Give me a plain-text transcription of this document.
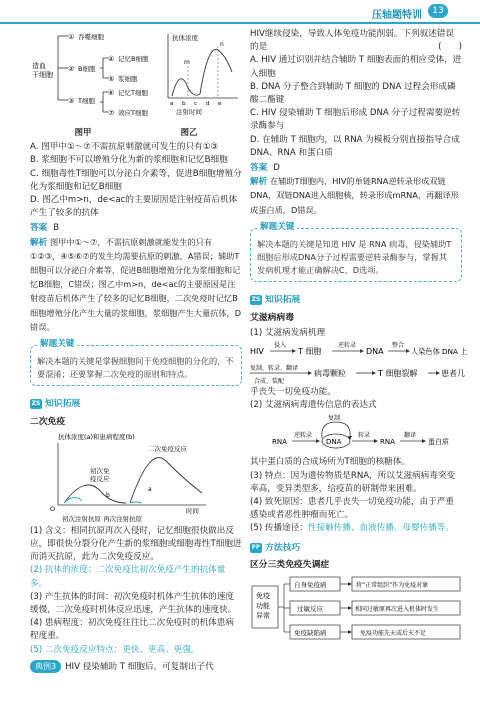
压轴题特训	13
造血
干细胞
①
②
③
吞噬细胞
B细胞
T细胞
④
⑤
记忆B细胞
浆细胞
⑥
⑦
记忆T细胞
效应T细胞
抗体浓度
m
n
a b c d e
注射时间
图甲	图乙

A. 图甲中①～⑦不需抗原刺激就可发生的只有①③

B. 浆细胞不可以增殖分化为新的浆细胞和记忆B细胞

C. 细胞毒性T细胞可以分泌白介素等，促进B细胞增殖分化为浆细胞和记忆B细胞

D. 图乙中m>n，de<ac的主要原因是注射疫苗后机体产生了较多的抗体

答案 B

解析 图甲中①～⑦，不需抗原刺激就能发生的只有①②③，④⑤⑥⑦的发生均需要抗原的刺激，A错误；辅助T细胞可以分泌白介素等，促进B细胞增殖分化为浆细胞和记忆B细胞，C错误；图乙中m>n，de<ac的主要原因是注射疫苗后机体产生了较多的记忆B细胞，二次免疫时记忆B细胞增殖分化产生大量的浆细胞，浆细胞产生大量抗体，D错误。

解题关键
解决本题的关键是掌握细胞间于免疫细胞的分化的，不要混淆；还要掌握二次免疫的原则和特点。
ZS 知识拓展

二次免疫

抗体浓度(a)和患病程度(b)
二次免疫反应
初次免
疫反应
b
a
O	时间
初次注射抗原 再次注射抗原

(1) 含义：相同抗原再次入侵时，记忆细胞很快做出反应，即很快分裂分化产生新的浆细胞或细胞毒性T细胞进而消灭抗原，此为二次免疫反应。

(2) 抗体的浓度：二次免疫比初次免疫产生的抗体量多。

(3) 产生抗体的时间：初次免疫时机体产生抗体的速度缓慢，二次免疫时机体反应迅速，产生抗体的速度快。

(4) 患病程度：初次免疫往往比二次免疫时的机体患病程度重。

(5) 二次免疫反应特点：更快、更高、更强。

典例3 HIV 侵染辅助 T 细胞后，可复制出子代

HIV继续侵染，导致人体免疫功能削弱。下列叙述错误的是	(　　)

A. HIV 通过识别并结合辅助 T 细胞表面的相应受体，进入细胞

B. DNA 分子整合到辅助 T 细胞的 DNA 过程会形成磷酸二酯键

C. HIV 侵染辅助 T 细胞后形成 DNA 分子过程需要逆转录酶参与

D. 在辅助 T 细胞内，以 RNA 为模板分别直接指导合成 DNA、RNA 和蛋白质

答案 D

解析 在辅助T细胞内，HIV的单链RNA逆转录形成双链DNA，双链DNA进入细胞核，转录形成mRNA，再翻译形成蛋白质，D错误。

解题关键
解决本题的关键是知道 HIV 是 RNA 病毒，侵染辅助T细胞后形成DNA分子过程需要逆转录酶参与，掌握其发病机理才能正确解决C、D选项。
ZS 知识拓展

艾滋病病毒

(1) 艾滋病发病机理

HIV
侵入
T 细胞
逆转录
DNA
整合
人染色体 DNA 上
复制、转录、翻译
合成、装配
病毒颗粒	T 细胞裂解	患者几

乎丧失一切免疫功能。

(2) 艾滋病病毒遗传信息的表达式

复制
RNA
逆转录
DNA
转录
RNA
翻译
蛋白质

其中蛋白质的合成场所为T细胞的核糖体。

(3) 特点：因为遗传物质是RNA，所以艾滋病病毒突变率高，变异类型多，给疫苗的研制带来困难。

(4) 致死原因：患者几乎丧失一切免疫功能，由于严重感染或者恶性肿瘤而死亡。

(5) 传播途径：性接触传播、血液传播、母婴传播等。

FF 方法技巧

区分三类免疫失调症

免疫
功能
异常
自身免疫病
过敏反应
免疫缺陷病
将“正常组织”作为免疫对象
相同过敏原再次进入机体时发生
免疫功能先天或后天不足
